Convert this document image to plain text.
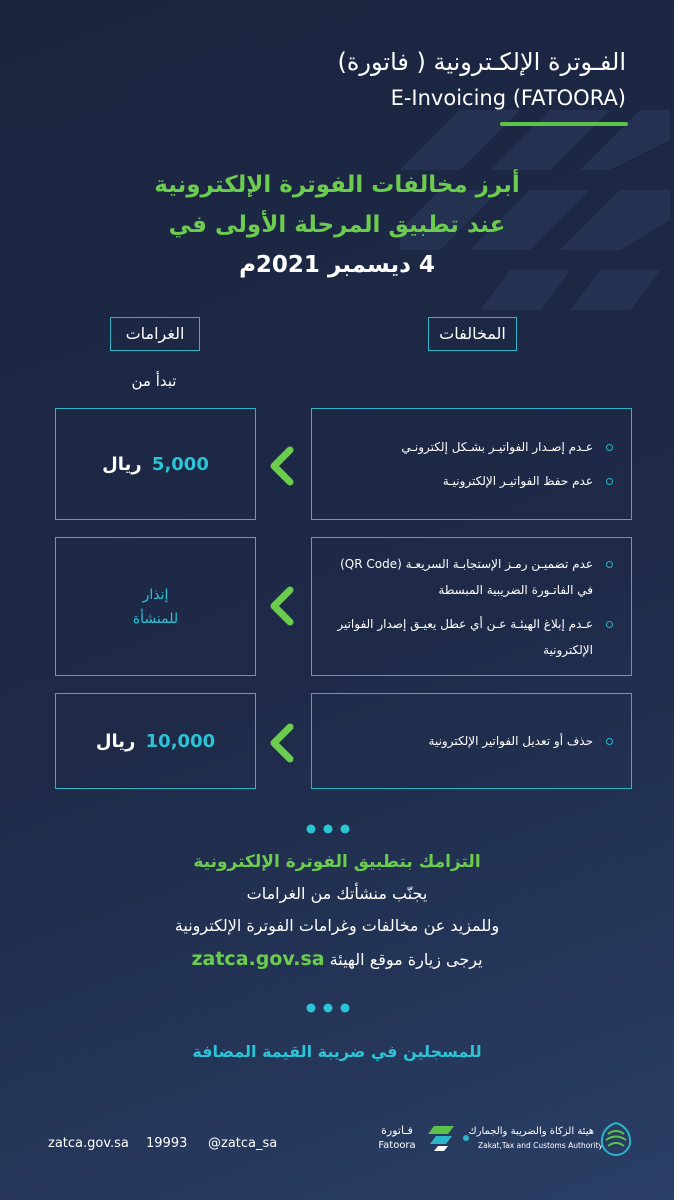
الفـوترة الإلكـترونية ( فاتورة)
E-Invoicing (FATOORA)
أبرز مخالفات الفوترة الإلكترونية
عند تطبيق المرحلة الأولى في
4 ديسمبر 2021م
المخالفات
الغرامات
تبدأ من
عـدم إصـدار الفواتيـر بشـكل إلكترونـي
عدم حفظ الفواتيـر الإلكترونيـة
5,000 ريال
عدم تضميـن رمـز الإستجابـة السريعـة (QR Code) في الفاتـورة الضريبية المبسطة
عـدم إبلاغ الهيئـة عـن أي عطل يعيـق إصدار الفواتير الإلكترونية
إنذار
للمنشأة
حذف أو تعديل الفواتير الإلكترونية
10,000 ريال
التزامك بتطبيق الفوترة الإلكترونية
يجنّب منشأتك من الغرامات
وللمزيد عن مخالفات وغرامات الفوترة الإلكترونية
يرجى زيارة موقع الهيئة zatca.gov.sa
للمسجلين في ضريبة القيمة المضافة
zatca.gov.sa 19993 @zatca_sa
فـاتورة
Fatoora
هيئة الزكاة والضريبة والجمارك
Zakat,Tax and Customs Authority
